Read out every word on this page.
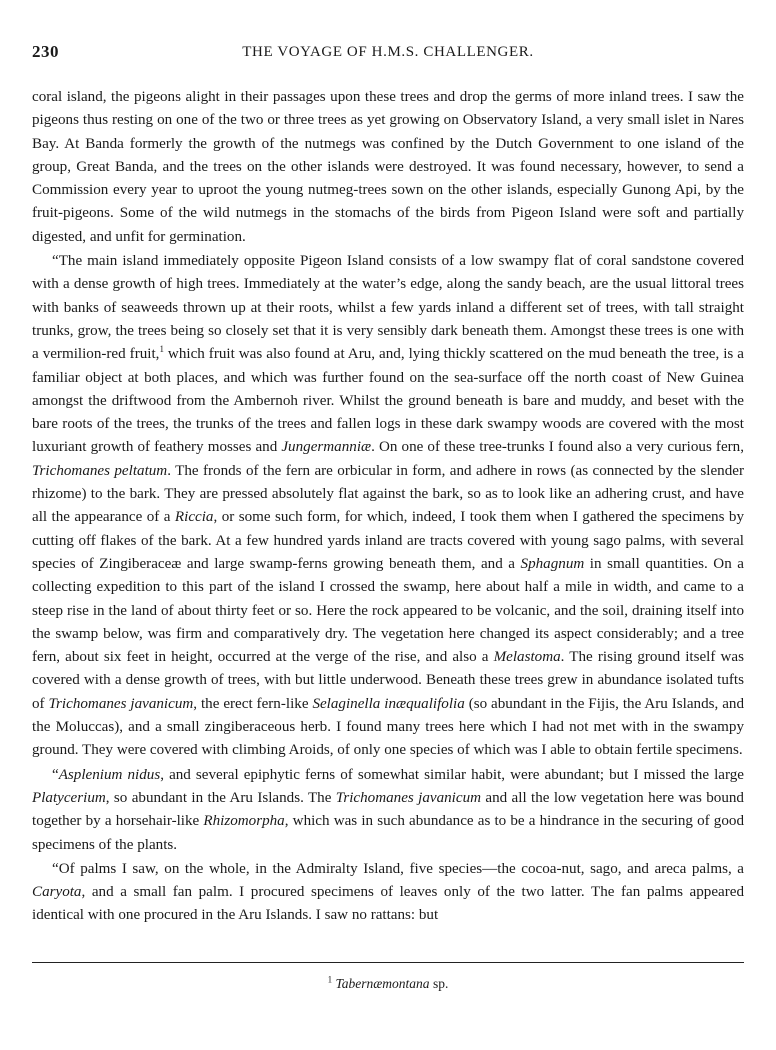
230	THE VOYAGE OF H.M.S. CHALLENGER.

coral island, the pigeons alight in their passages upon these trees and drop the germs of more inland trees. I saw the pigeons thus resting on one of the two or three trees as yet growing on Observatory Island, a very small islet in Nares Bay. At Banda formerly the growth of the nutmegs was confined by the Dutch Government to one island of the group, Great Banda, and the trees on the other islands were destroyed. It was found necessary, however, to send a Commission every year to uproot the young nutmeg-trees sown on the other islands, especially Gunong Api, by the fruit-pigeons. Some of the wild nutmegs in the stomachs of the birds from Pigeon Island were soft and partially digested, and unfit for germination.

“The main island immediately opposite Pigeon Island consists of a low swampy flat of coral sandstone covered with a dense growth of high trees. Immediately at the water’s edge, along the sandy beach, are the usual littoral trees with banks of seaweeds thrown up at their roots, whilst a few yards inland a different set of trees, with tall straight trunks, grow, the trees being so closely set that it is very sensibly dark beneath them. Amongst these trees is one with a vermilion-red fruit,$^1$ which fruit was also found at Aru, and, lying thickly scattered on the mud beneath the tree, is a familiar object at both places, and which was further found on the sea-surface off the north coast of New Guinea amongst the driftwood from the Ambernoh river. Whilst the ground beneath is bare and muddy, and beset with the bare roots of the trees, the trunks of the trees and fallen logs in these dark swampy woods are covered with the most luxuriant growth of feathery mosses and Jungermanniæ. On one of these tree-trunks I found also a very curious fern, Trichomanes peltatum. The fronds of the fern are orbicular in form, and adhere in rows (as connected by the slender rhizome) to the bark. They are pressed absolutely flat against the bark, so as to look like an adhering crust, and have all the appearance of a Riccia, or some such form, for which, indeed, I took them when I gathered the specimens by cutting off flakes of the bark. At a few hundred yards inland are tracts covered with young sago palms, with several species of Zingiberaceæ and large swamp-ferns growing beneath them, and a Sphagnum in small quantities. On a collecting expedition to this part of the island I crossed the swamp, here about half a mile in width, and came to a steep rise in the land of about thirty feet or so. Here the rock appeared to be volcanic, and the soil, draining itself into the swamp below, was firm and comparatively dry. The vegetation here changed its aspect considerably; and a tree fern, about six feet in height, occurred at the verge of the rise, and also a Melastoma. The rising ground itself was covered with a dense growth of trees, with but little underwood. Beneath these trees grew in abundance isolated tufts of Trichomanes javanicum, the erect fern-like Selaginella inæqualifolia (so abundant in the Fijis, the Aru Islands, and the Moluccas), and a small zingiberaceous herb. I found many trees here which I had not met with in the swampy ground. They were covered with climbing Aroids, of only one species of which was I able to obtain fertile specimens.

“Asplenium nidus, and several epiphytic ferns of somewhat similar habit, were abundant; but I missed the large Platycerium, so abundant in the Aru Islands. The Trichomanes javanicum and all the low vegetation here was bound together by a horsehair-like Rhizomorpha, which was in such abundance as to be a hindrance in the securing of good specimens of the plants.

“Of palms I saw, on the whole, in the Admiralty Island, five species—the cocoa-nut, sago, and areca palms, a Caryota, and a small fan palm. I procured specimens of leaves only of the two latter. The fan palms appeared identical with one procured in the Aru Islands. I saw no rattans: but

$^1$ Tabernæmontana sp.
